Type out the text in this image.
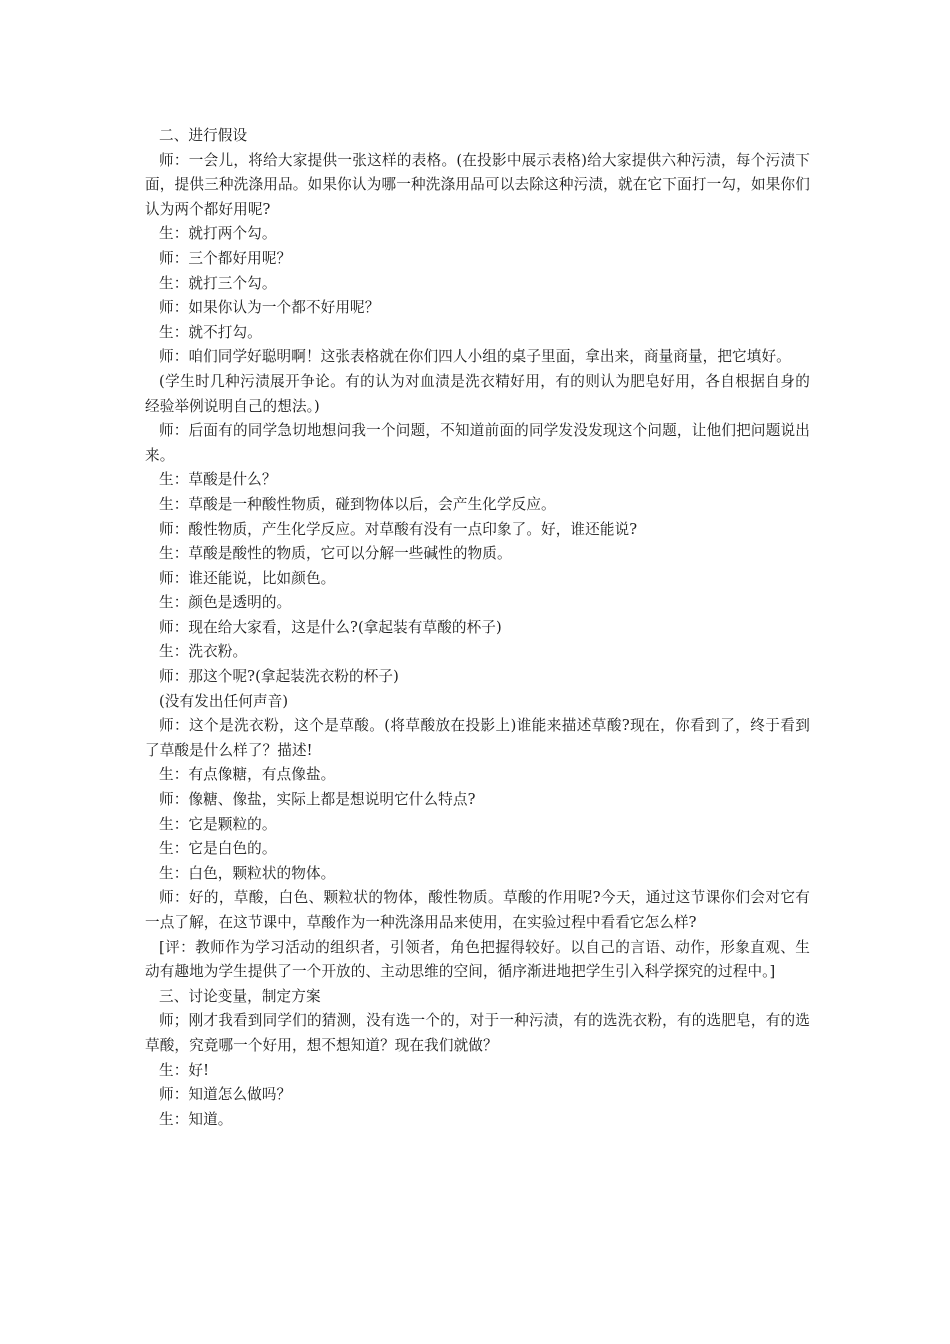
二、进行假设

师：一会儿，将给大家提供一张这样的表格。(在投影中展示表格)给大家提供六种污渍，每个污渍下面，提供三种洗涤用品。如果你认为哪一种洗涤用品可以去除这种污渍，就在它下面打一勾，如果你们认为两个都好用呢?

生：就打两个勾。

师：三个都好用呢？

生：就打三个勾。

师：如果你认为一个都不好用呢？

生：就不打勾。

师：咱们同学好聪明啊！这张表格就在你们四人小组的桌子里面，拿出来，商量商量，把它填好。

(学生时几种污渍展开争论。有的认为对血渍是洗衣精好用，有的则认为肥皂好用，各自根据自身的经验举例说明自己的想法。)

师：后面有的同学急切地想问我一个问题，不知道前面的同学发没发现这个问题，让他们把问题说出来。

生：草酸是什么？

生：草酸是一种酸性物质，碰到物体以后，会产生化学反应。

师：酸性物质，产生化学反应。对草酸有没有一点印象了。好，谁还能说?

生：草酸是酸性的物质，它可以分解一些碱性的物质。

师：谁还能说，比如颜色。

生：颜色是透明的。

师：现在给大家看，这是什么?(拿起装有草酸的杯子)

生：洗衣粉。

师：那这个呢?(拿起装洗衣粉的杯子)

(没有发出任何声音)

师：这个是洗衣粉，这个是草酸。(将草酸放在投影上)谁能来描述草酸?现在，你看到了，终于看到了草酸是什么样了？描述!

生：有点像糖，有点像盐。

师：像糖、像盐，实际上都是想说明它什么特点?

生：它是颗粒的。

生：它是白色的。

生：白色，颗粒状的物体。

师：好的，草酸，白色、颗粒状的物体，酸性物质。草酸的作用呢?今天，通过这节课你们会对它有一点了解，在这节课中，草酸作为一种洗涤用品来使用，在实验过程中看看它怎么样?

[评：教师作为学习活动的组织者，引领者，角色把握得较好。以自己的言语、动作，形象直观、生动有趣地为学生提供了一个开放的、主动思维的空间，循序渐进地把学生引入科学探究的过程中。]

三、讨论变量，制定方案

师；刚才我看到同学们的猜测，没有选一个的，对于一种污渍，有的选洗衣粉，有的选肥皂，有的选草酸，究竟哪一个好用，想不想知道？现在我们就做？

生：好!

师：知道怎么做吗？

生：知道。
